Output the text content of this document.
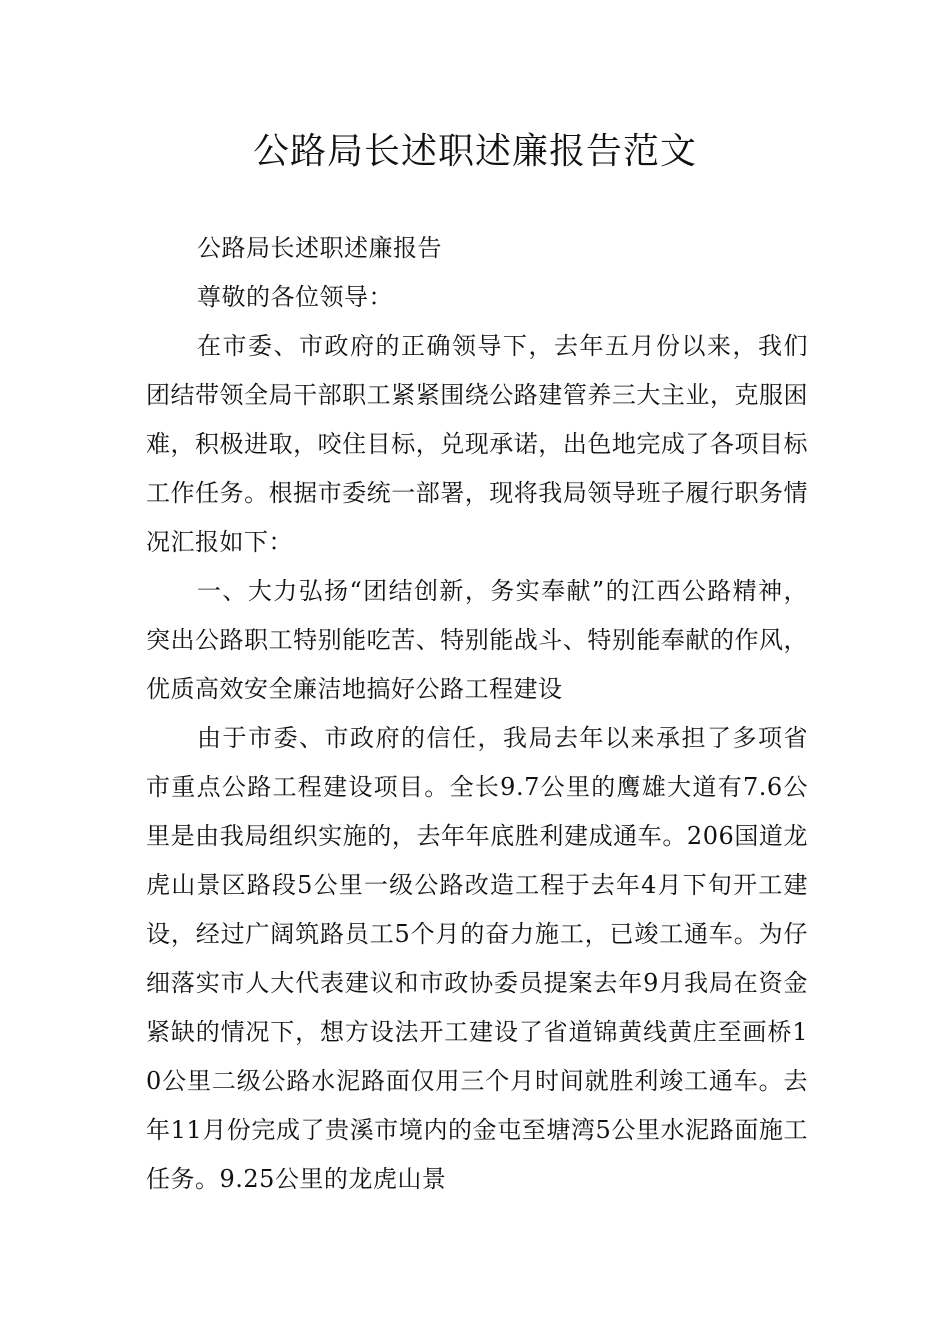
公路局长述职述廉报告范文

公路局长述职述廉报告

尊敬的各位领导：

在市委、市政府的正确领导下，去年五月份以来，我们团结带领全局干部职工紧紧围绕公路建管养三大主业，克服困难，积极进取，咬住目标，兑现承诺，出色地完成了各项目标工作任务。根据市委统一部署，现将我局领导班子履行职务情况汇报如下：

一、大力弘扬“团结创新，务实奉献”的江西公路精神，突出公路职工特别能吃苦、特别能战斗、特别能奉献的作风，优质高效安全廉洁地搞好公路工程建设

由于市委、市政府的信任，我局去年以来承担了多项省市重点公路工程建设项目。全长9.7公里的鹰雄大道有7.6公里是由我局组织实施的，去年年底胜利建成通车。206国道龙虎山景区路段5公里一级公路改造工程于去年4月下旬开工建设，经过广阔筑路员工5个月的奋力施工，已竣工通车。为仔细落实市人大代表建议和市政协委员提案去年9月我局在资金紧缺的情况下，想方设法开工建设了省道锦黄线黄庄至画桥10公里二级公路水泥路面仅用三个月时间就胜利竣工通车。去年11月份完成了贵溪市境内的金屯至塘湾5公里水泥路面施工任务。9.25公里的龙虎山景
